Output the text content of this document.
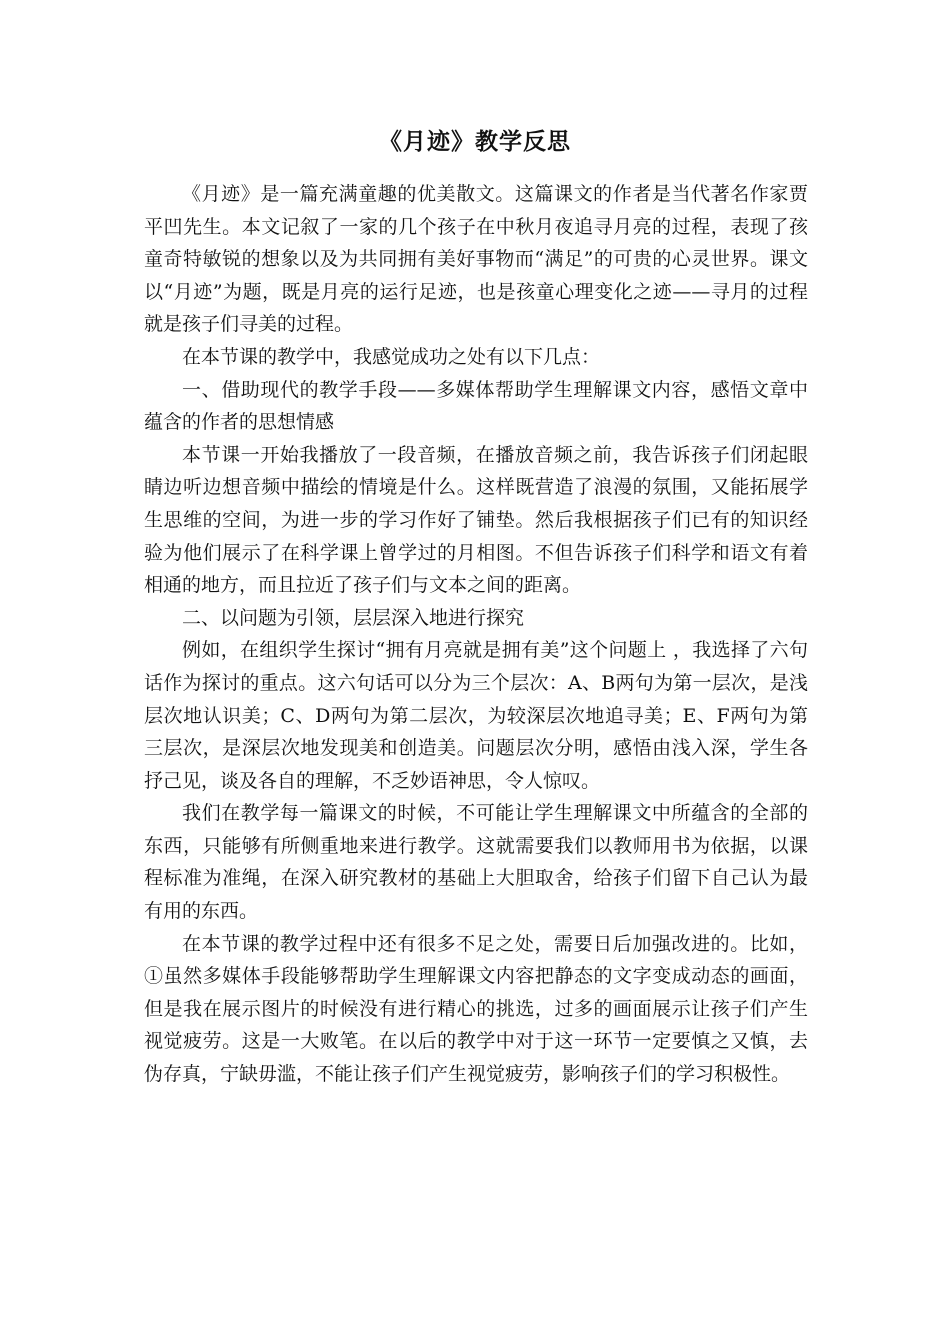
《月迹》教学反思

《月迹》是一篇充满童趣的优美散文。这篇课文的作者是当代著名作家贾平凹先生。本文记叙了一家的几个孩子在中秋月夜追寻月亮的过程，表现了孩童奇特敏锐的想象以及为共同拥有美好事物而“满足”的可贵的心灵世界。课文以“月迹”为题，既是月亮的运行足迹，也是孩童心理变化之迹——寻月的过程就是孩子们寻美的过程。

在本节课的教学中，我感觉成功之处有以下几点：

一、借助现代的教学手段——多媒体帮助学生理解课文内容，感悟文章中蕴含的作者的思想情感

本节课一开始我播放了一段音频，在播放音频之前，我告诉孩子们闭起眼睛边听边想音频中描绘的情境是什么。这样既营造了浪漫的氛围，又能拓展学生思维的空间，为进一步的学习作好了铺垫。然后我根据孩子们已有的知识经验为他们展示了在科学课上曾学过的月相图。不但告诉孩子们科学和语文有着相通的地方，而且拉近了孩子们与文本之间的距离。

二、以问题为引领，层层深入地进行探究

例如，在组织学生探讨“拥有月亮就是拥有美”这个问题上 ，我选择了六句话作为探讨的重点。这六句话可以分为三个层次：A、B两句为第一层次，是浅层次地认识美；C、D两句为第二层次，为较深层次地追寻美；E、F两句为第三层次，是深层次地发现美和创造美。问题层次分明，感悟由浅入深，学生各抒己见，谈及各自的理解，不乏妙语神思，令人惊叹。

我们在教学每一篇课文的时候，不可能让学生理解课文中所蕴含的全部的东西，只能够有所侧重地来进行教学。这就需要我们以教师用书为依据，以课程标准为准绳，在深入研究教材的基础上大胆取舍，给孩子们留下自己认为最有用的东西。

在本节课的教学过程中还有很多不足之处，需要日后加强改进的。比如，①虽然多媒体手段能够帮助学生理解课文内容把静态的文字变成动态的画面，但是我在展示图片的时候没有进行精心的挑选，过多的画面展示让孩子们产生视觉疲劳。这是一大败笔。在以后的教学中对于这一环节一定要慎之又慎，去伪存真，宁缺毋滥，不能让孩子们产生视觉疲劳，影响孩子们的学习积极性。
